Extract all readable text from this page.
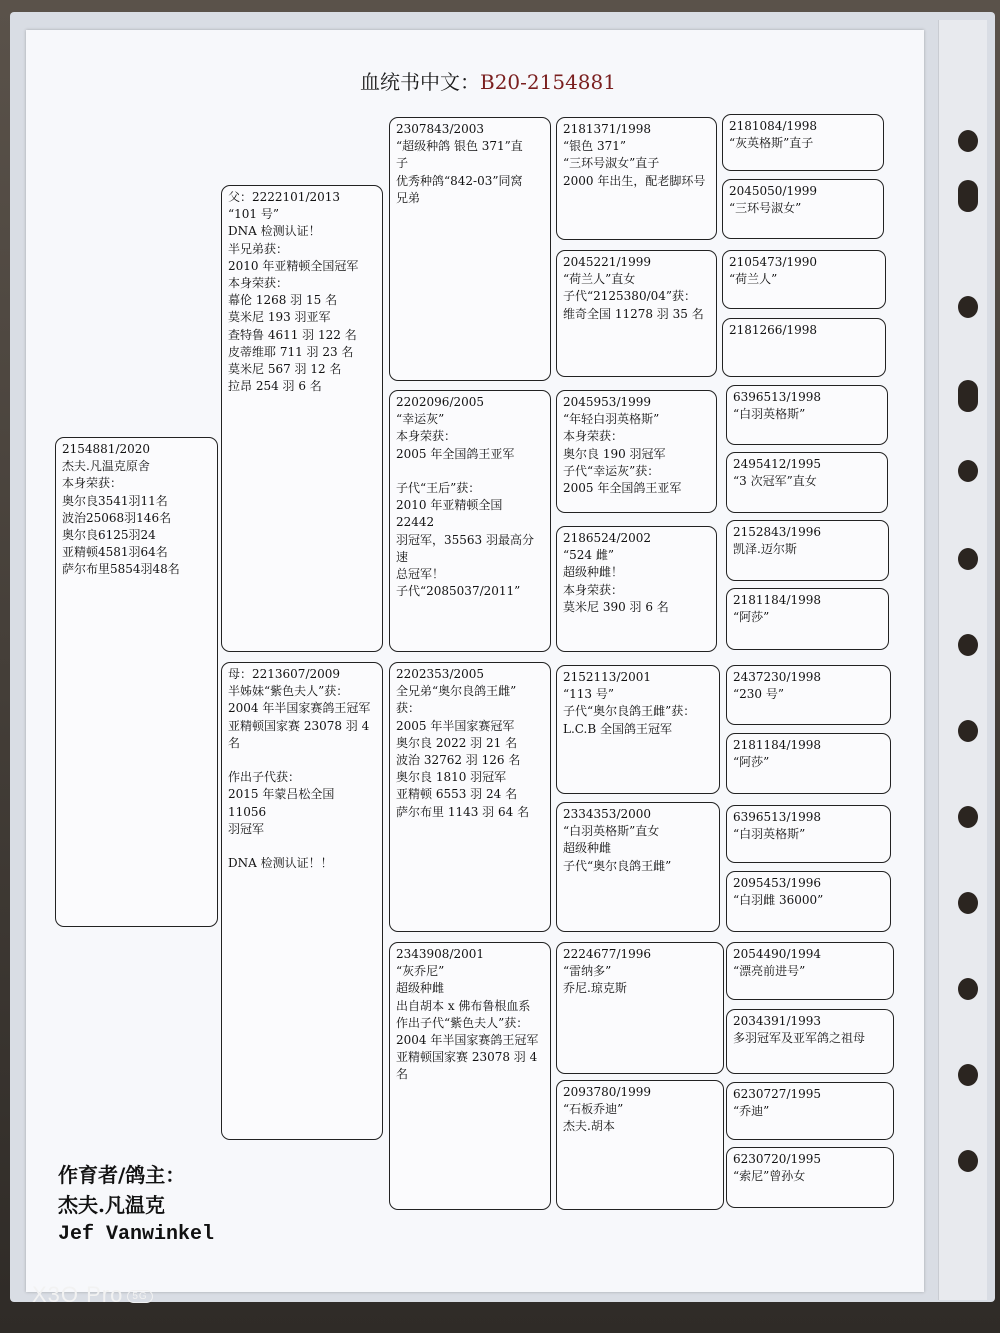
血统书中文：B20-2154881
2154881/2020
杰夫.凡温克原舍
本身荣获：
奥尔良3541羽11名
波治25068羽146名
奥尔良6125羽24
亚精顿4581羽64名
萨尔布里5854羽48名
父：2222101/2013
“101 号”
DNA 检测认证！
半兄弟获：
2010 年亚精顿全国冠军
本身荣获：
幕伦 1268 羽 15 名
莫米尼 193 羽亚军
查特鲁 4611 羽 122 名
皮蒂维耶 711 羽 23 名
莫米尼 567 羽 12 名
拉昂 254 羽 6 名
母：2213607/2009
半姊妹“紫色夫人”获：
2004 年半国家赛鸽王冠军
亚精顿国家赛 23078 羽 4
名

作出子代获：
2015 年蒙吕松全国 11056
羽冠军

DNA 检测认证！！
2307843/2003
“超级种鸽 银色 371”直
子
优秀种鸽“842-03”同窝
兄弟
2202096/2005
“幸运灰”
本身荣获：
2005 年全国鸽王亚军

子代“王后”获：
2010 年亚精顿全国 22442
羽冠军，35563 羽最高分速
总冠军！
子代“2085037/2011”
2202353/2005
全兄弟“奥尔良鸽王雌”
获：
2005 年半国家赛冠军
奥尔良 2022 羽 21 名
波治 32762 羽 126 名
奥尔良 1810 羽冠军
亚精顿 6553 羽 24 名
萨尔布里 1143 羽 64 名
2343908/2001
“灰乔尼”
超级种雌
出自胡本 x 佛布鲁根血系
作出子代“紫色夫人”获：
2004 年半国家赛鸽王冠军
亚精顿国家赛 23078 羽 4
名
2181371/1998
“银色 371”
“三环号淑女”直子
2000 年出生，配老脚环号
2045221/1999
“荷兰人”直女
子代“2125380/04”获：
维奇全国 11278 羽 35 名
2045953/1999
“年轻白羽英格斯”
本身荣获：
奥尔良 190 羽冠军
子代“幸运灰”获：
2005 年全国鸽王亚军
2186524/2002
“524 雌”
超级种雌！
本身荣获：
莫米尼 390 羽 6 名
2152113/2001
“113 号”
子代“奥尔良鸽王雌”获：
L.C.B 全国鸽王冠军
2334353/2000
“白羽英格斯”直女
超级种雌
子代“奥尔良鸽王雌”
2224677/1996
“雷纳多”
乔尼.琼克斯
2093780/1999
“石板乔迪”
杰夫.胡本
2181084/1998
“灰英格斯”直子
2045050/1999
“三环号淑女”
2105473/1990
“荷兰人”
2181266/1998
6396513/1998
“白羽英格斯”
2495412/1995
“3 次冠军”直女
2152843/1996
凯泽.迈尔斯
2181184/1998
“阿莎”
2437230/1998
“230 号”
2181184/1998
“阿莎”
6396513/1998
“白羽英格斯”
2095453/1996
“白羽雌 36000”
2054490/1994
“漂亮前进号”
2034391/1993
多羽冠军及亚军鸽之祖母
6230727/1995
“乔迪”
6230720/1995
“索尼”曾孙女
作育者/鸽主：
杰夫.凡温克
Jef Vanwinkel
X3O Pro 5G
